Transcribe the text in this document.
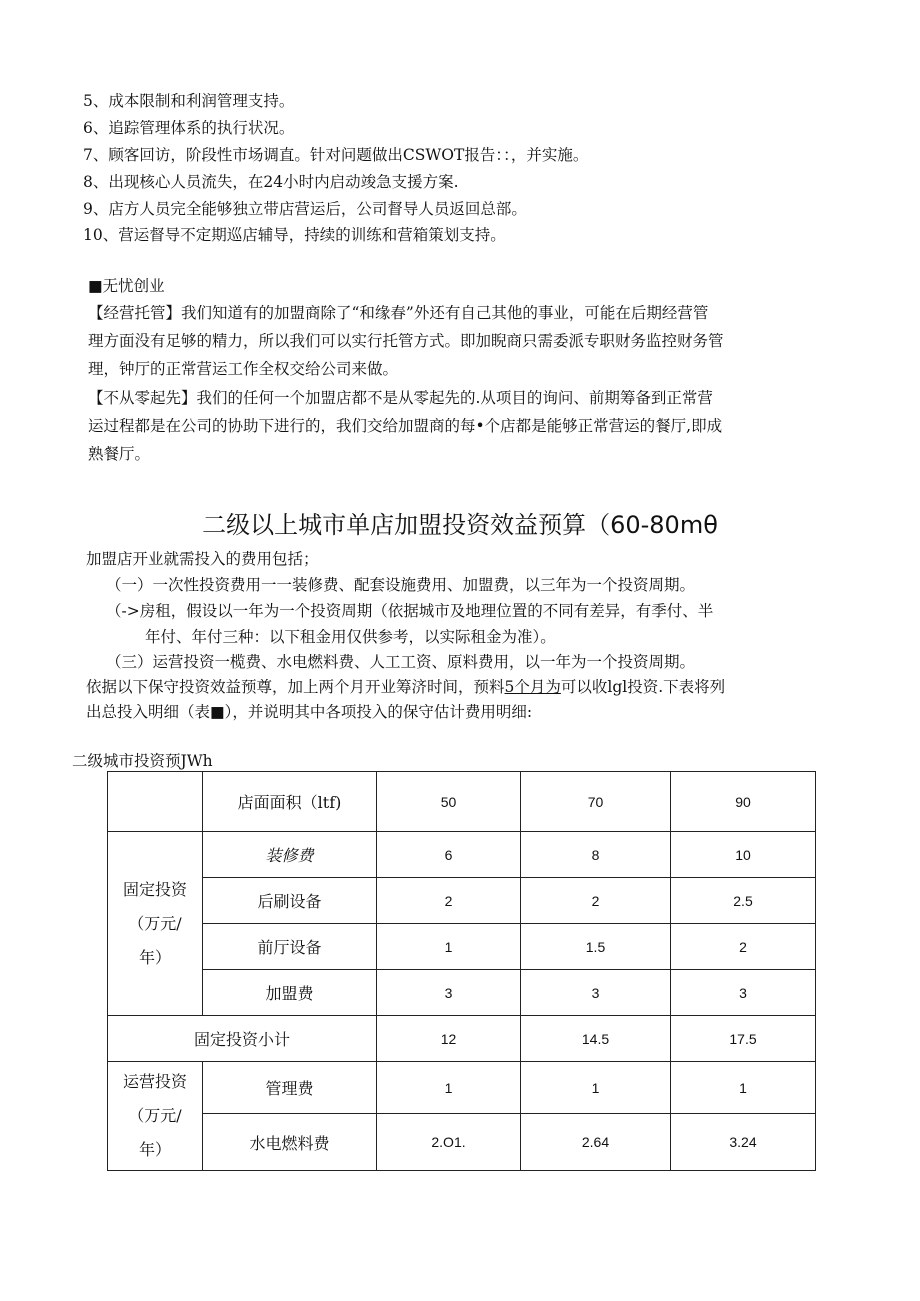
5、成本限制和利润管理支持。
6、追踪管理体系的执行状况。
7、顾客回访，阶段性市场调直。针对问题做出CSWOT报告：：，并实施。
8、出现核心人员流失，在24小时内启动竣急支援方案.
9、店方人员完全能够独立带店营运后，公司督导人员返回总部。
10、营运督导不定期巡店辅导，持续的训练和营箱策划支持。
■无忧创业
【经营托管】我们知道有的加盟商除了“和缘春”外还有自己其他的事业，可能在后期经营管
理方面没有足够的精力，所以我们可以实行托管方式。即加睨商只需委派专职财务监控财务管
理，钟厅的正常营运工作全权交给公司来做。
【不从零起先】我们的任何一个加盟店都不是从零起先的.从项目的询问、前期筹备到正常营
运过程都是在公司的协助下进行的，我们交给加盟商的每•个店都是能够正常营运的餐厅,即成
熟餐厅。
二级以上城市单店加盟投资效益预算（60-80mθ
加盟店开业就需投入的费用包括；
（一）一次性投资费用一一装修费、配套设施费用、加盟费，以三年为一个投资周期。
（->房租，假设以一年为一个投资周期（依据城市及地理位置的不同有差异，有季付、半
年付、年付三种：以下租金用仅供参考，以实际租金为准）。
（三）运营投资一榄费、水电燃料费、人工工资、原料费用，以一年为一个投资周期。
依据以下保守投资效益预尊，加上两个月开业筹济时间，预料5个月为可以收lgl投资.下表将列
出总投入明细（表■），并说明其中各项投入的保守估计费用明细:
二级城市投资预JWh
	店面面积（ltf)	50	70	90
固定投资
（万元/
年）	装修费	6	8	10
	后刷设备	2	2	2.5
	前厅设备	1	1.5	2
	加盟费	3	3	3
固定投资小计		12	14.5	17.5
运营投资
（万元/
年）	管理费	1	1	1
	水电燃料费	2.O1.	2.64	3.24
